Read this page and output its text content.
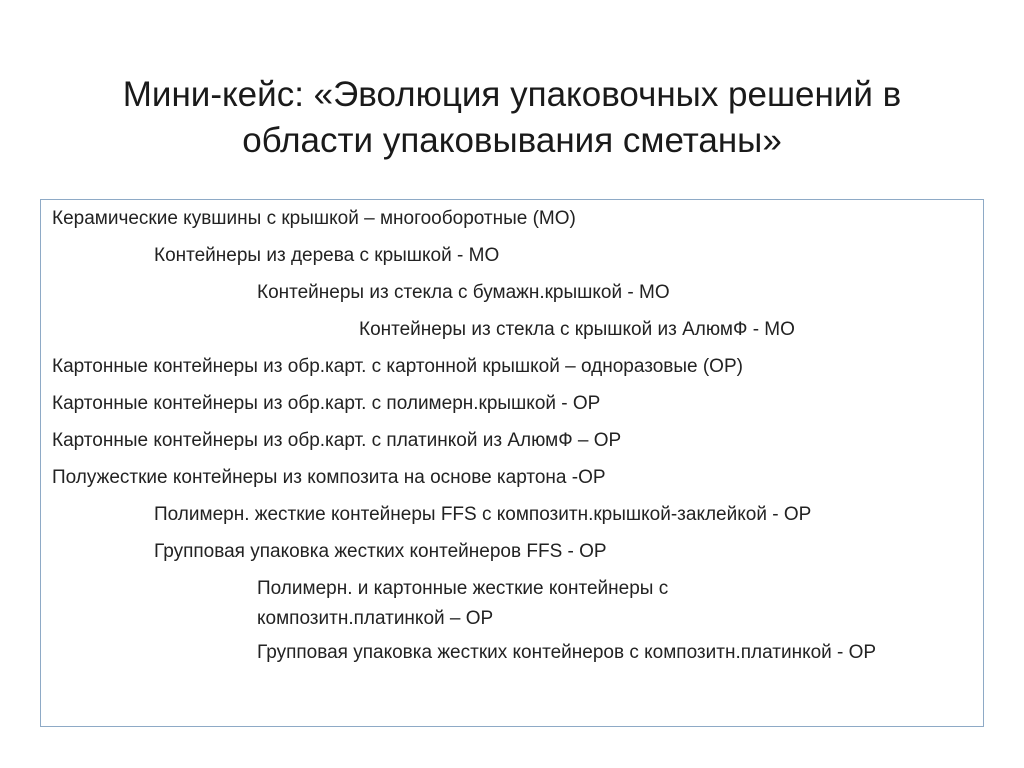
Мини-кейс: «Эволюция упаковочных решений в
области упаковывания сметаны»
Керамические кувшины с крышкой – многооборотные (МО)
Контейнеры из дерева с крышкой - МО
Контейнеры из стекла с бумажн.крышкой - МО
Контейнеры из стекла с крышкой из АлюмФ - МО
Картонные контейнеры из обр.карт. с картонной крышкой – одноразовые (ОР)
Картонные контейнеры из обр.карт. с полимерн.крышкой - ОР
Картонные контейнеры из обр.карт. с платинкой из АлюмФ – ОР
Полужесткие контейнеры из композита на основе картона -ОР
Полимерн. жесткие контейнеры FFS с композитн.крышкой-заклейкой - ОР
Групповая упаковка жестких контейнеров FFS - ОР
Полимерн. и картонные жесткие контейнеры с композитн.платинкой – ОР
Групповая упаковка жестких контейнеров с композитн.платинкой - ОР
